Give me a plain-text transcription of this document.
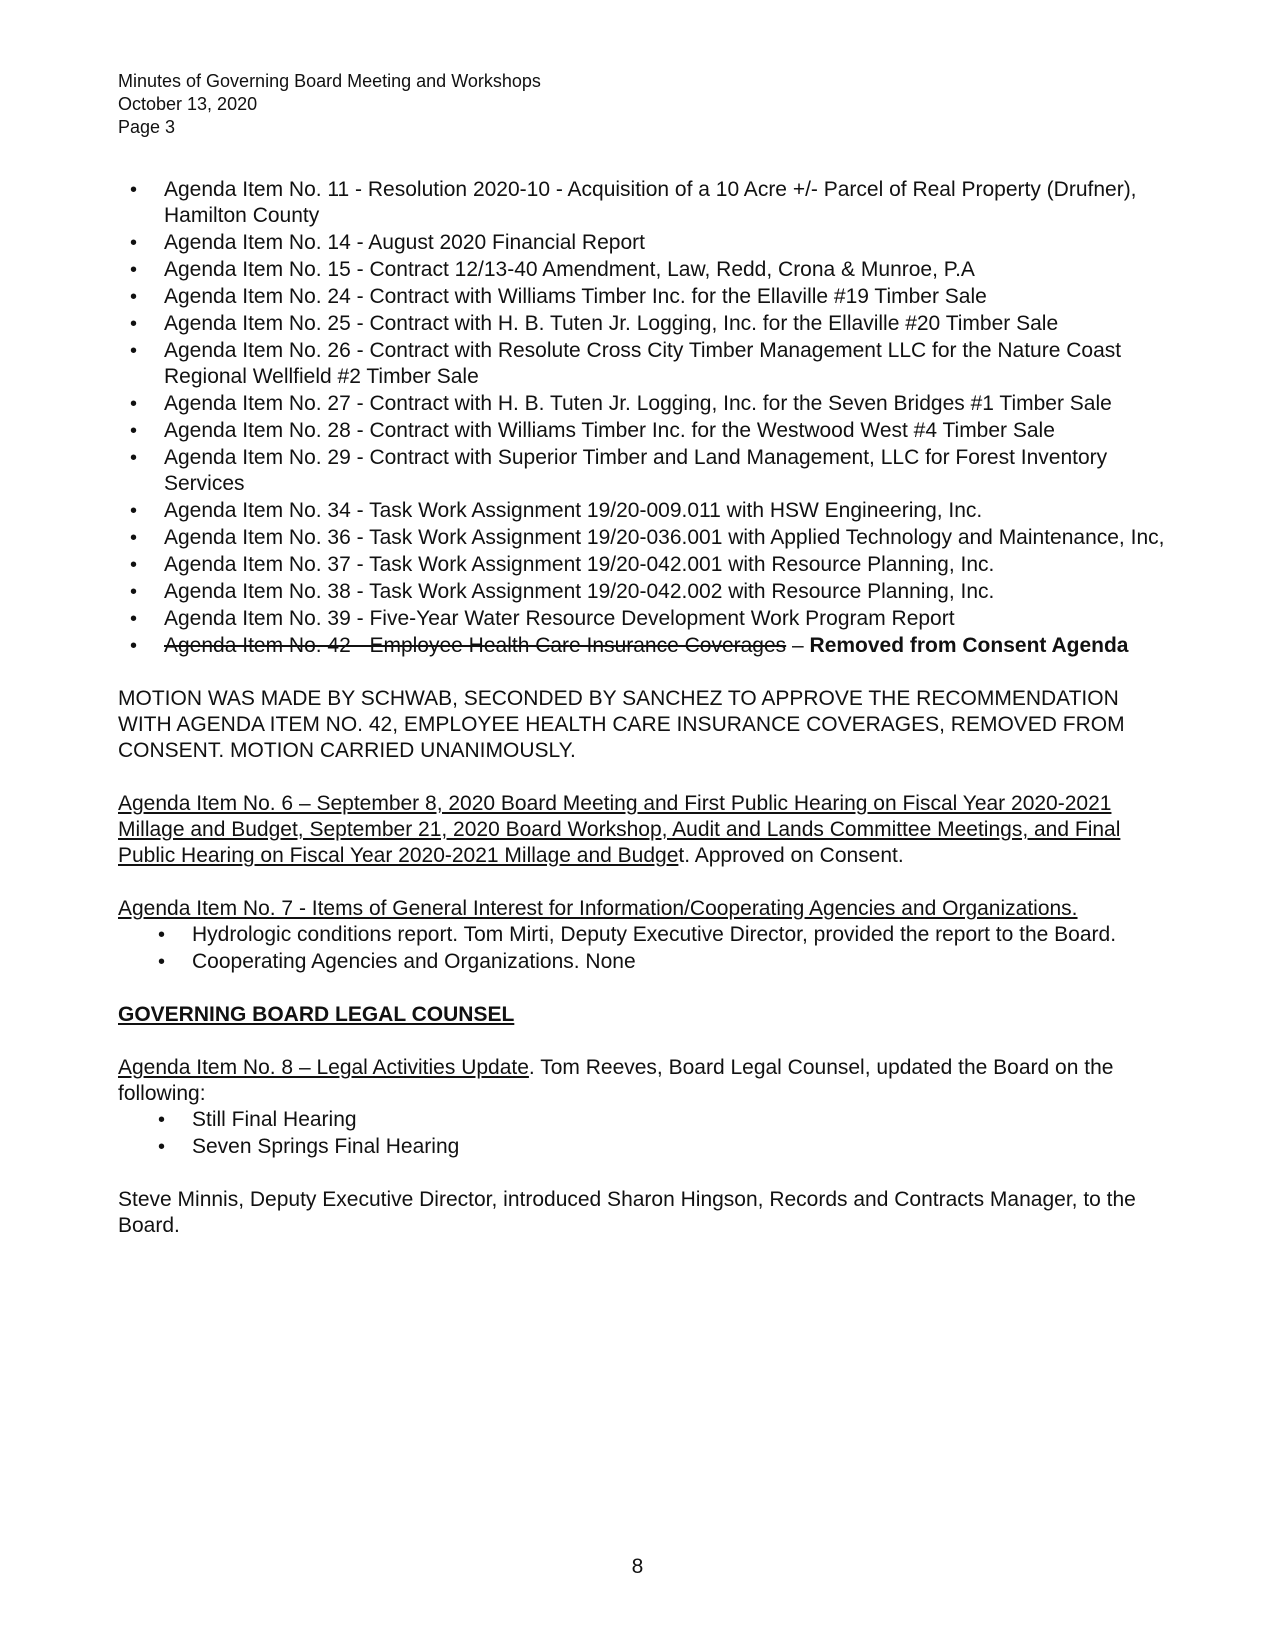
Minutes of Governing Board Meeting and Workshops
October 13, 2020
Page 3
• Agenda Item No. 11 - Resolution 2020-10 - Acquisition of a 10 Acre +/- Parcel of Real Property (Drufner), Hamilton County
• Agenda Item No. 14 - August 2020 Financial Report
• Agenda Item No. 15 - Contract 12/13-40 Amendment, Law, Redd, Crona & Munroe, P.A
• Agenda Item No. 24 - Contract with Williams Timber Inc. for the Ellaville #19 Timber Sale
• Agenda Item No. 25 - Contract with H. B. Tuten Jr. Logging, Inc. for the Ellaville #20 Timber Sale
• Agenda Item No. 26 - Contract with Resolute Cross City Timber Management LLC for the Nature Coast Regional Wellfield #2 Timber Sale
• Agenda Item No. 27 - Contract with H. B. Tuten Jr. Logging, Inc. for the Seven Bridges #1 Timber Sale
• Agenda Item No. 28 - Contract with Williams Timber Inc. for the Westwood West #4 Timber Sale
• Agenda Item No. 29 - Contract with Superior Timber and Land Management, LLC for Forest Inventory Services
• Agenda Item No. 34 - Task Work Assignment 19/20-009.011 with HSW Engineering, Inc.
• Agenda Item No. 36 - Task Work Assignment 19/20-036.001 with Applied Technology and Maintenance, Inc,
• Agenda Item No. 37 - Task Work Assignment 19/20-042.001 with Resource Planning, Inc.
• Agenda Item No. 38 - Task Work Assignment 19/20-042.002 with Resource Planning, Inc.
• Agenda Item No. 39 - Five-Year Water Resource Development Work Program Report
• Agenda Item No. 42 - Employee Health Care Insurance Coverages – Removed from Consent Agenda
MOTION WAS MADE BY SCHWAB, SECONDED BY SANCHEZ TO APPROVE THE RECOMMENDATION WITH AGENDA ITEM NO. 42, EMPLOYEE HEALTH CARE INSURANCE COVERAGES, REMOVED FROM CONSENT. MOTION CARRIED UNANIMOUSLY.
Agenda Item No. 6 – September 8, 2020 Board Meeting and First Public Hearing on Fiscal Year 2020-2021 Millage and Budget, September 21, 2020 Board Workshop, Audit and Lands Committee Meetings, and Final Public Hearing on Fiscal Year 2020-2021 Millage and Budget. Approved on Consent.
Agenda Item No. 7 - Items of General Interest for Information/Cooperating Agencies and Organizations.
• Hydrologic conditions report. Tom Mirti, Deputy Executive Director, provided the report to the Board.
• Cooperating Agencies and Organizations. None
GOVERNING BOARD LEGAL COUNSEL
Agenda Item No. 8 – Legal Activities Update. Tom Reeves, Board Legal Counsel, updated the Board on the following:
• Still Final Hearing
• Seven Springs Final Hearing
Steve Minnis, Deputy Executive Director, introduced Sharon Hingson, Records and Contracts Manager, to the Board.
8
